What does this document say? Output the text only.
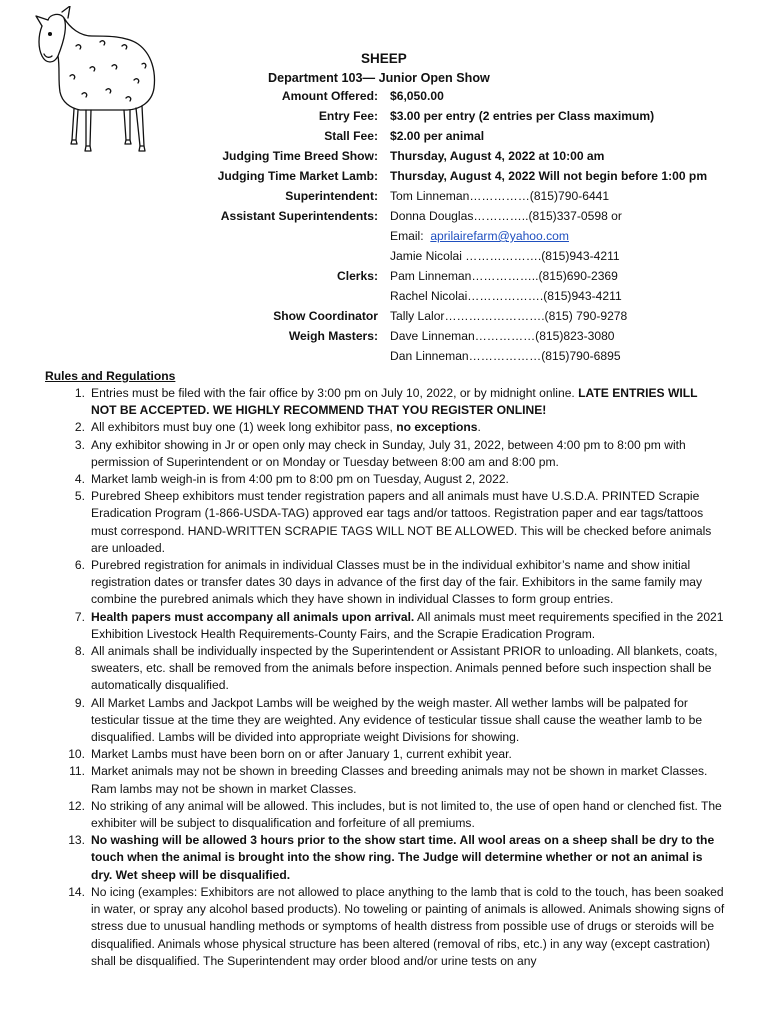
SHEEP
Department 103— Junior Open Show
Amount Offered: $6,050.00
Entry Fee: $3.00 per entry (2 entries per Class maximum)
Stall Fee: $2.00 per animal
Judging Time Breed Show: Thursday, August 4, 2022 at 10:00 am
Judging Time Market Lamb: Thursday, August 4, 2022 Will not begin before 1:00 pm
Superintendent: Tom Linneman……………(815)790-6441
Assistant Superintendents: Donna Douglas…………..(815)337-0598 or
Email:  aprilairefarm@yahoo.com
Jamie Nicolai ……………….(815)943-4211
Clerks: Pam Linneman……………..(815)690-2369
Rachel Nicolai……………….(815)943-4211
Show Coordinator Tally Lalor…………………….(815) 790-9278
Weigh Masters: Dave Linneman……………(815)823-3080
Dan Linneman………………(815)790-6895
Rules and Regulations
1. Entries must be filed with the fair office by 3:00 pm on July 10, 2022, or by midnight online. LATE ENTRIES WILL NOT BE ACCEPTED. WE HIGHLY RECOMMEND THAT YOU REGISTER ONLINE!
2. All exhibitors must buy one (1) week long exhibitor pass, no exceptions.
3. Any exhibitor showing in Jr or open only may check in Sunday, July 31, 2022, between 4:00 pm to 8:00 pm with permission of Superintendent or on Monday or Tuesday between 8:00 am and 8:00 pm.
4. Market lamb weigh-in is from 4:00 pm to 8:00 pm on Tuesday, August 2, 2022.
5. Purebred Sheep exhibitors must tender registration papers and all animals must have U.S.D.A. PRINTED Scrapie Eradication Program (1-866-USDA-TAG) approved ear tags and/or tattoos. Registration paper and ear tags/tattoos must correspond. HAND-WRITTEN SCRAPIE TAGS WILL NOT BE ALLOWED. This will be checked before animals are unloaded.
6. Purebred registration for animals in individual Classes must be in the individual exhibitor’s name and show initial registration dates or transfer dates 30 days in advance of the first day of the fair. Exhibitors in the same family may combine the purebred animals which they have shown in individual Classes to form group entries.
7. Health papers must accompany all animals upon arrival. All animals must meet requirements specified in the 2021 Exhibition Livestock Health Requirements-County Fairs, and the Scrapie Eradication Program.
8. All animals shall be individually inspected by the Superintendent or Assistant PRIOR to unloading. All blankets, coats, sweaters, etc. shall be removed from the animals before inspection. Animals penned before such inspection shall be automatically disqualified.
9. All Market Lambs and Jackpot Lambs will be weighed by the weigh master. All wether lambs will be palpated for testicular tissue at the time they are weighted. Any evidence of testicular tissue shall cause the weather lamb to be disqualified. Lambs will be divided into appropriate weight Divisions for showing.
10. Market Lambs must have been born on or after January 1, current exhibit year.
11. Market animals may not be shown in breeding Classes and breeding animals may not be shown in market Classes. Ram lambs may not be shown in market Classes.
12. No striking of any animal will be allowed. This includes, but is not limited to, the use of open hand or clenched fist. The exhibiter will be subject to disqualification and forfeiture of all premiums.
13. No washing will be allowed 3 hours prior to the show start time. All wool areas on a sheep shall be dry to the touch when the animal is brought into the show ring. The Judge will determine whether or not an animal is dry. Wet sheep will be disqualified.
14. No icing (examples: Exhibitors are not allowed to place anything to the lamb that is cold to the touch, has been soaked in water, or spray any alcohol based products). No toweling or painting of animals is allowed. Animals showing signs of stress due to unusual handling methods or symptoms of health distress from possible use of drugs or steroids will be disqualified. Animals whose physical structure has been altered (removal of ribs, etc.) in any way (except castration) shall be disqualified. The Superintendent may order blood and/or urine tests on any
